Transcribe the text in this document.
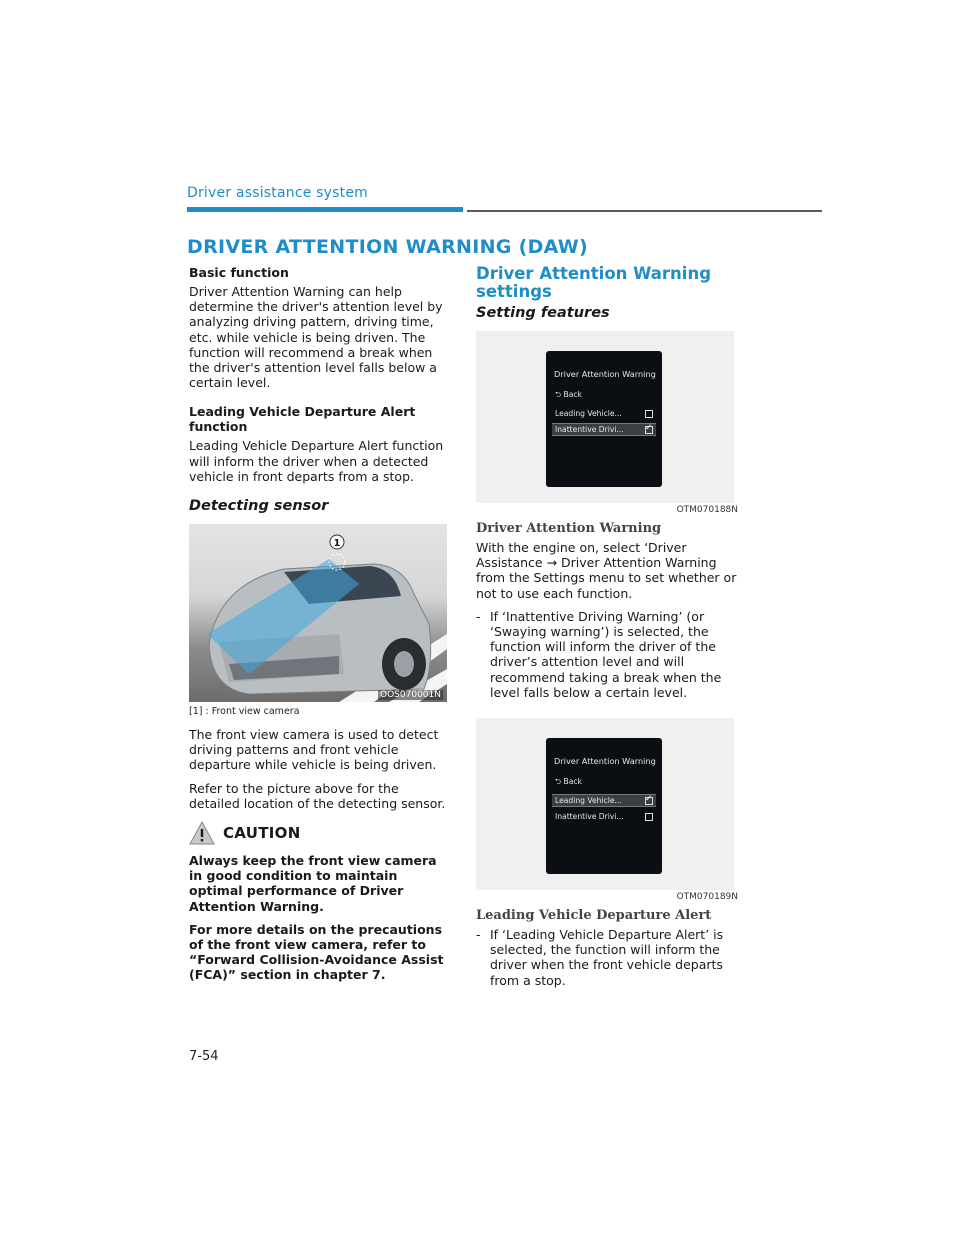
Driver assistance system
DRIVER ATTENTION WARNING (DAW)
Basic function
Driver Attention Warning can help determine the driver's attention level by analyzing driving pattern, driving time, etc. while vehicle is being driven. The function will recommend a break when the driver's attention level falls below a certain level.
Leading Vehicle Departure Alert function
Leading Vehicle Departure Alert function will inform the driver when a detected vehicle in front departs from a stop.
Detecting sensor
1
OOS070001N
[1] : Front view camera
The front view camera is used to detect driving patterns and front vehicle departure while vehicle is being driven.
Refer to the picture above for the detailed location of the detecting sensor.
CAUTION
Always keep the front view camera in good condition to maintain optimal performance of Driver Attention Warning.
For more details on the precautions of the front view camera, refer to “Forward Collision-Avoidance Assist (FCA)” section in chapter 7.
Driver Attention Warning settings
Setting features
Driver Attention Warning
⮌ Back
Leading Vehicle...
Inattentive Drivi...
✓
OTM070188N
Driver Attention Warning
With the engine on, select ‘Driver Assistance → Driver Attention Warning from the Settings menu to set whether or not to use each function.
- If ‘Inattentive Driving Warning’ (or ‘Swaying warning’) is selected, the function will inform the driver of the driver’s attention level and will recommend taking a break when the level falls below a certain level.
Driver Attention Warning
⮌ Back
Leading Vehicle...
✓
Inattentive Drivi...
OTM070189N
Leading Vehicle Departure Alert
- If ‘Leading Vehicle Departure Alert’ is selected, the function will inform the driver when the front vehicle departs from a stop.
7-54
